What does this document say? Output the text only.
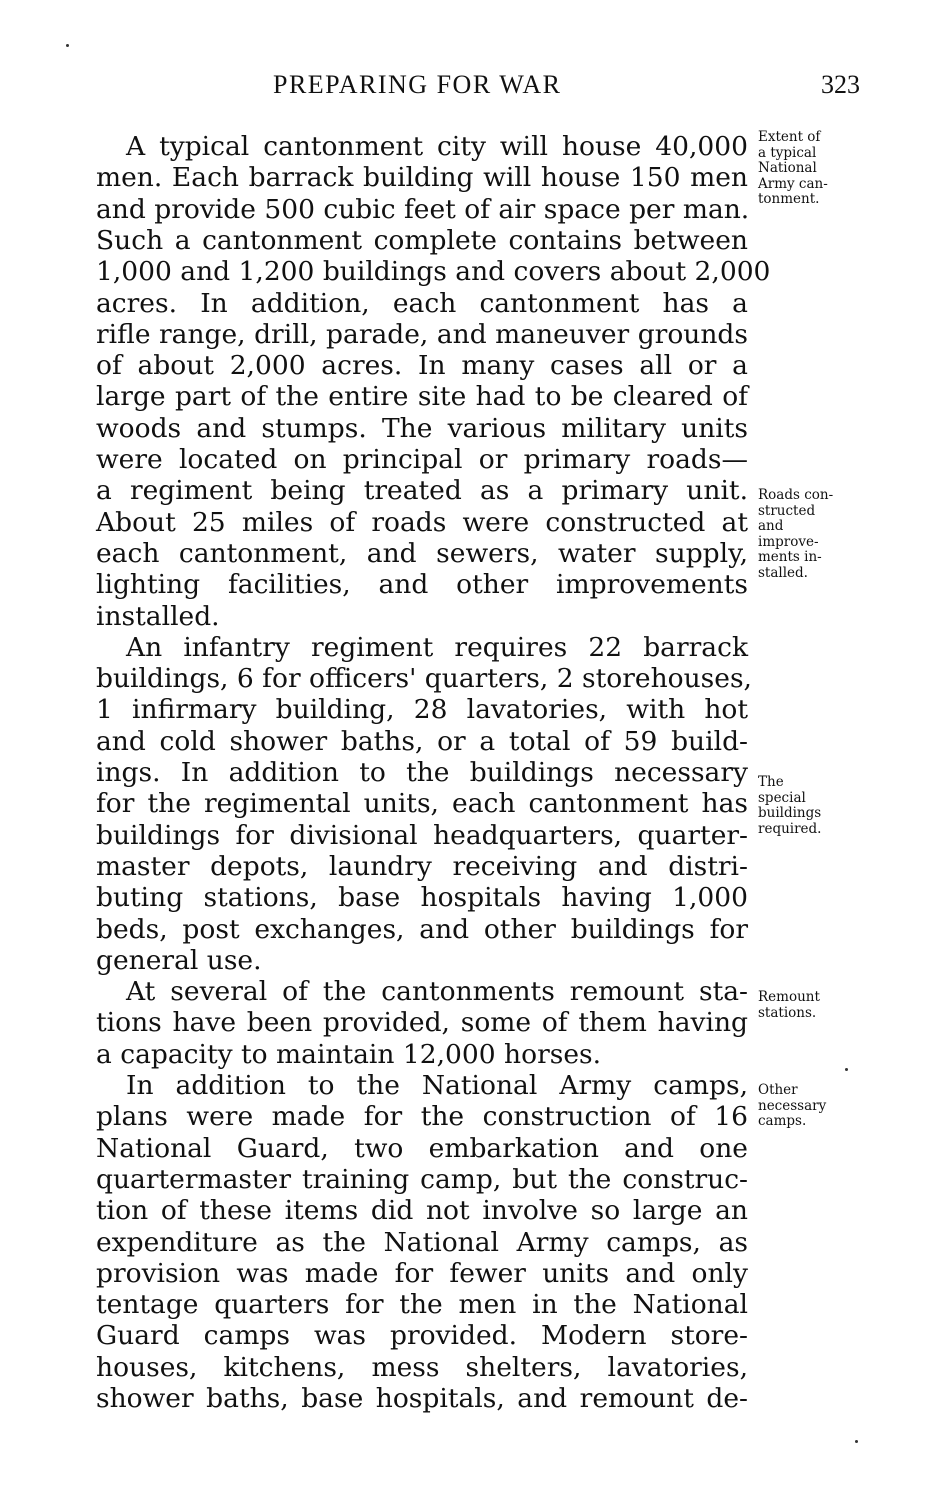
PREPARING FOR WAR	323
A typical cantonment city will house 40,000
men. Each barrack building will house 150 men
and provide 500 cubic feet of air space per man.
Such a cantonment complete contains between
1,000 and 1,200 buildings and covers about 2,000
acres. In addition, each cantonment has a
rifle range, drill, parade, and maneuver grounds
of about 2,000 acres. In many cases all or a
large part of the entire site had to be cleared of
woods and stumps. The various military units
were located on principal or primary roads—
a regiment being treated as a primary unit.
About 25 miles of roads were constructed at
each cantonment, and sewers, water supply,
lighting facilities, and other improvements
installed.
An infantry regiment requires 22 barrack
buildings, 6 for officers' quarters, 2 storehouses,
1 infirmary building, 28 lavatories, with hot
and cold shower baths, or a total of 59 build-
ings. In addition to the buildings necessary
for the regimental units, each cantonment has
buildings for divisional headquarters, quarter-
master depots, laundry receiving and distri-
buting stations, base hospitals having 1,000
beds, post exchanges, and other buildings for
general use.
At several of the cantonments remount sta-
tions have been provided, some of them having
a capacity to maintain 12,000 horses.
In addition to the National Army camps,
plans were made for the construction of 16
National Guard, two embarkation and one
quartermaster training camp, but the construc-
tion of these items did not involve so large an
expenditure as the National Army camps, as
provision was made for fewer units and only
tentage quarters for the men in the National
Guard camps was provided. Modern store-
houses, kitchens, mess shelters, lavatories,
shower baths, base hospitals, and remount de-
Extent of
a typical
National
Army can-
tonment.
Roads con-
structed
and
improve-
ments in-
stalled.
The
special
buildings
required.
Remount
stations.
Other
necessary
camps.
